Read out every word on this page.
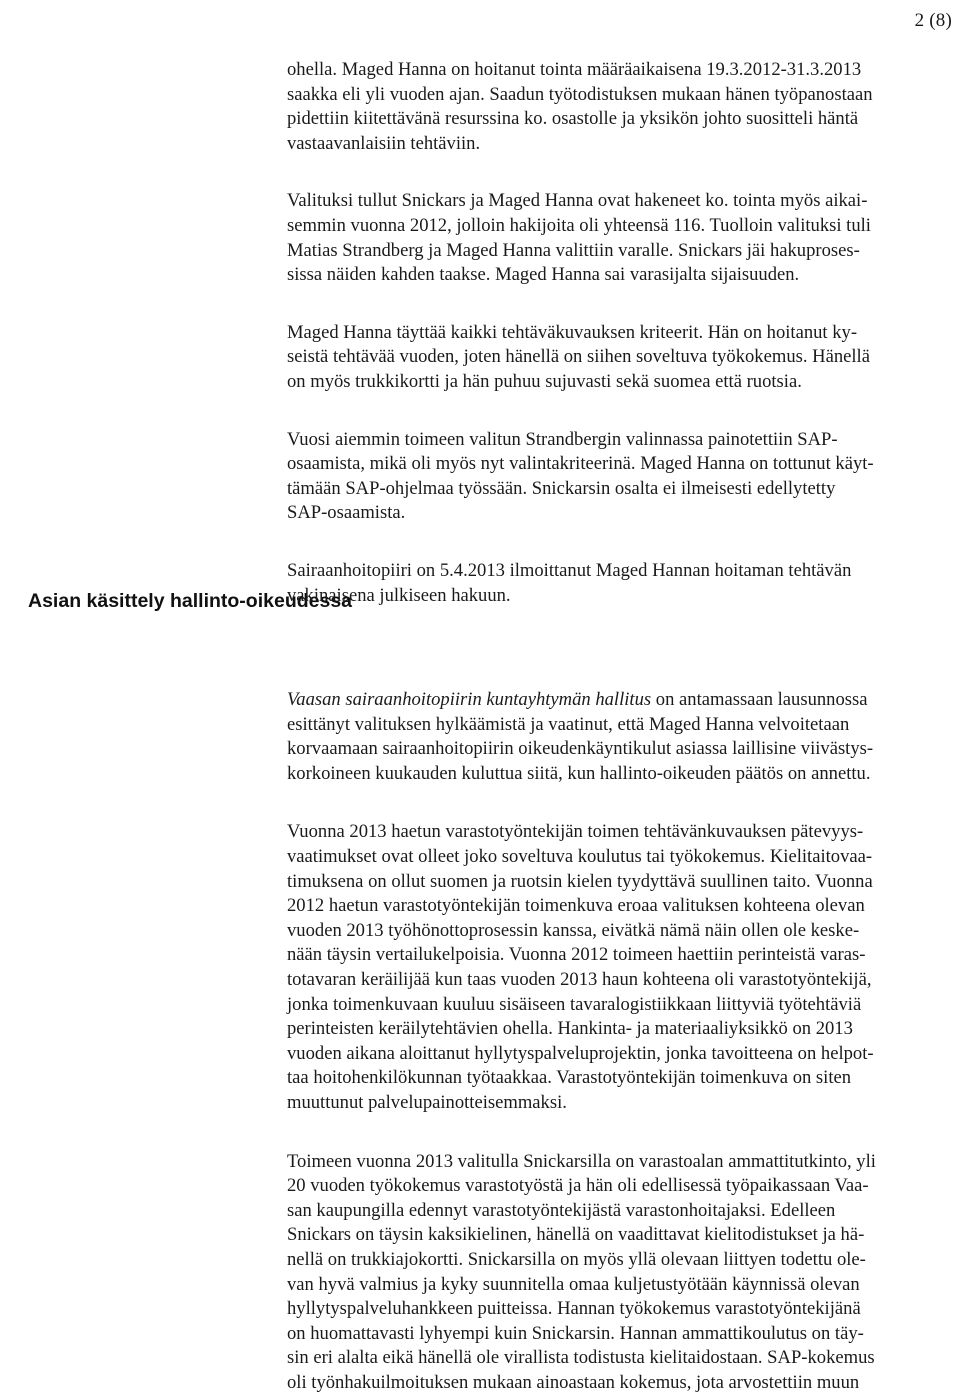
2 (8)
Asian käsittely hallinto-oikeudessa

ohella. Maged Hanna on hoitanut tointa määräaikaisena 19.3.2012-31.3.2013
saakka eli yli vuoden ajan. Saadun työtodistuksen mukaan hänen työpanostaan
pidettiin kiitettävänä resurssina ko. osastolle ja yksikön johto suositteli häntä
vastaavanlaisiin tehtäviin.

Valituksi tullut Snickars ja Maged Hanna ovat hakeneet ko. tointa myös aikai-
semmin vuonna 2012, jolloin hakijoita oli yhteensä 116. Tuolloin valituksi tuli
Matias Strandberg ja Maged Hanna valittiin varalle. Snickars jäi hakuproses-
sissa näiden kahden taakse. Maged Hanna sai varasijalta sijaisuuden.

Maged Hanna täyttää kaikki tehtäväkuvauksen kriteerit. Hän on hoitanut ky-
seistä tehtävää vuoden, joten hänellä on siihen soveltuva työkokemus. Hänellä
on myös trukkikortti ja hän puhuu sujuvasti sekä suomea että ruotsia.

Vuosi aiemmin toimeen valitun Strandbergin valinnassa painotettiin SAP-
osaamista, mikä oli myös nyt valintakriteerinä. Maged Hanna on tottunut käyt-
tämään SAP-ohjelmaa työssään. Snickarsin osalta ei ilmeisesti edellytetty
SAP-osaamista.

Sairaanhoitopiiri on 5.4.2013 ilmoittanut Maged Hannan hoitaman tehtävän
vakinaisena julkiseen hakuun.

Vaasan sairaanhoitopiirin kuntayhtymän hallitus on antamassaan lausunnossa
esittänyt valituksen hylkäämistä ja vaatinut, että Maged Hanna velvoitetaan
korvaamaan sairaanhoitopiirin oikeudenkäyntikulut asiassa laillisine viivästys-
korkoineen kuukauden kuluttua siitä, kun hallinto-oikeuden päätös on annettu.

Vuonna 2013 haetun varastotyöntekijän toimen tehtävänkuvauksen pätevyys-
vaatimukset ovat olleet joko soveltuva koulutus tai työkokemus. Kielitaitovaa-
timuksena on ollut suomen ja ruotsin kielen tyydyttävä suullinen taito. Vuonna
2012 haetun varastotyöntekijän toimenkuva eroaa valituksen kohteena olevan
vuoden 2013 työhönottoprosessin kanssa, eivätkä nämä näin ollen ole keske-
nään täysin vertailukelpoisia. Vuonna 2012 toimeen haettiin perinteistä varas-
totavaran keräilijää kun taas vuoden 2013 haun kohteena oli varastotyöntekijä,
jonka toimenkuvaan kuuluu sisäiseen tavaralogistiikkaan liittyviä työtehtäviä
perinteisten keräilytehtävien ohella. Hankinta- ja materiaaliyksikkö on 2013
vuoden aikana aloittanut hyllytyspalveluprojektin, jonka tavoitteena on helpot-
taa hoitohenkilökunnan työtaakkaa. Varastotyöntekijän toimenkuva on siten
muuttunut palvelupainotteisemmaksi.

Toimeen vuonna 2013 valitulla Snickarsilla on varastoalan ammattitutkinto, yli
20 vuoden työkokemus varastotyöstä ja hän oli edellisessä työpaikassaan Vaa-
san kaupungilla edennyt varastotyöntekijästä varastonhoitajaksi. Edelleen
Snickars on täysin kaksikielinen, hänellä on vaadittavat kielitodistukset ja hä-
nellä on trukkiajokortti. Snickarsilla on myös yllä olevaan liittyen todettu ole-
van hyvä valmius ja kyky suunnitella omaa kuljetustyötään käynnissä olevan
hyllytyspalveluhankkeen puitteissa. Hannan työkokemus varastotyöntekijänä
on huomattavasti lyhyempi kuin Snickarsin. Hannan ammattikoulutus on täy-
sin eri alalta eikä hänellä ole virallista todistusta kielitaidostaan. SAP-kokemus
oli työnhakuilmoituksen mukaan ainoastaan kokemus, jota arvostettiin muun
